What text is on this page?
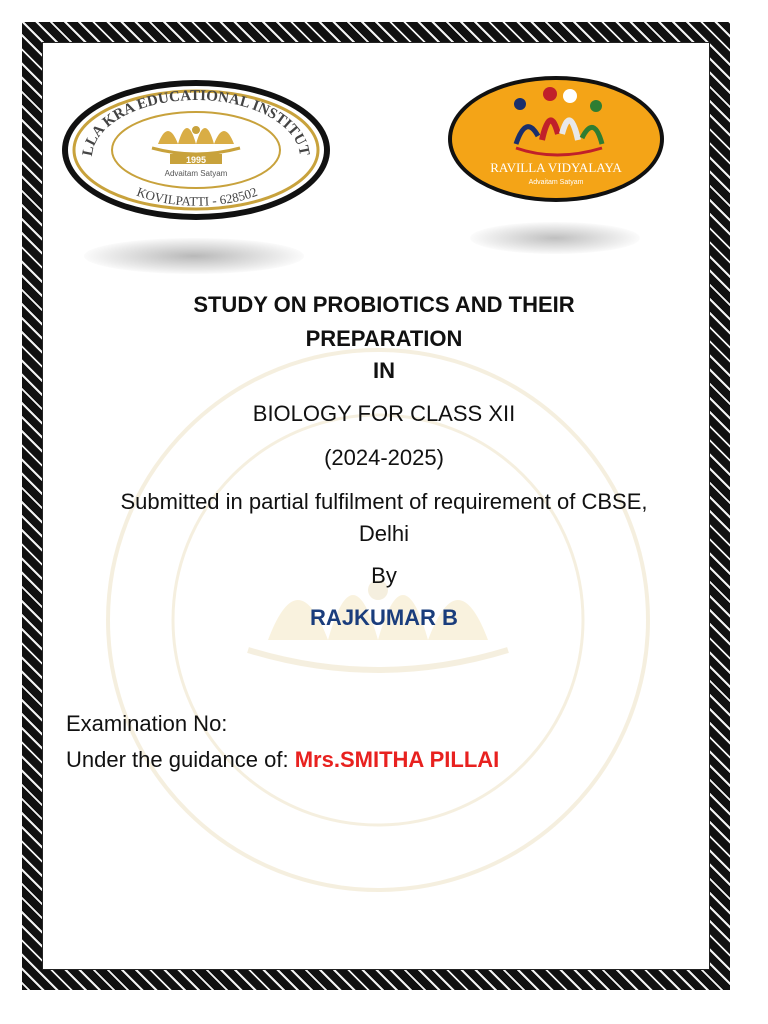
LLA KRA EDUCATIONAL INSTITUT
KOVILPATTI - 628502
1995
Advaitam Satyam	RAVILLA VIDYALAYA
Advaitam Satyam
STUDY ON PROBIOTICS AND THEIR
PREPARATION
IN
BIOLOGY FOR CLASS XII
(2024-2025)
Submitted in partial fulfilment of requirement of CBSE,
Delhi
By
RAJKUMAR B
Examination No:
Under the guidance of: Mrs.SMITHA PILLAI
